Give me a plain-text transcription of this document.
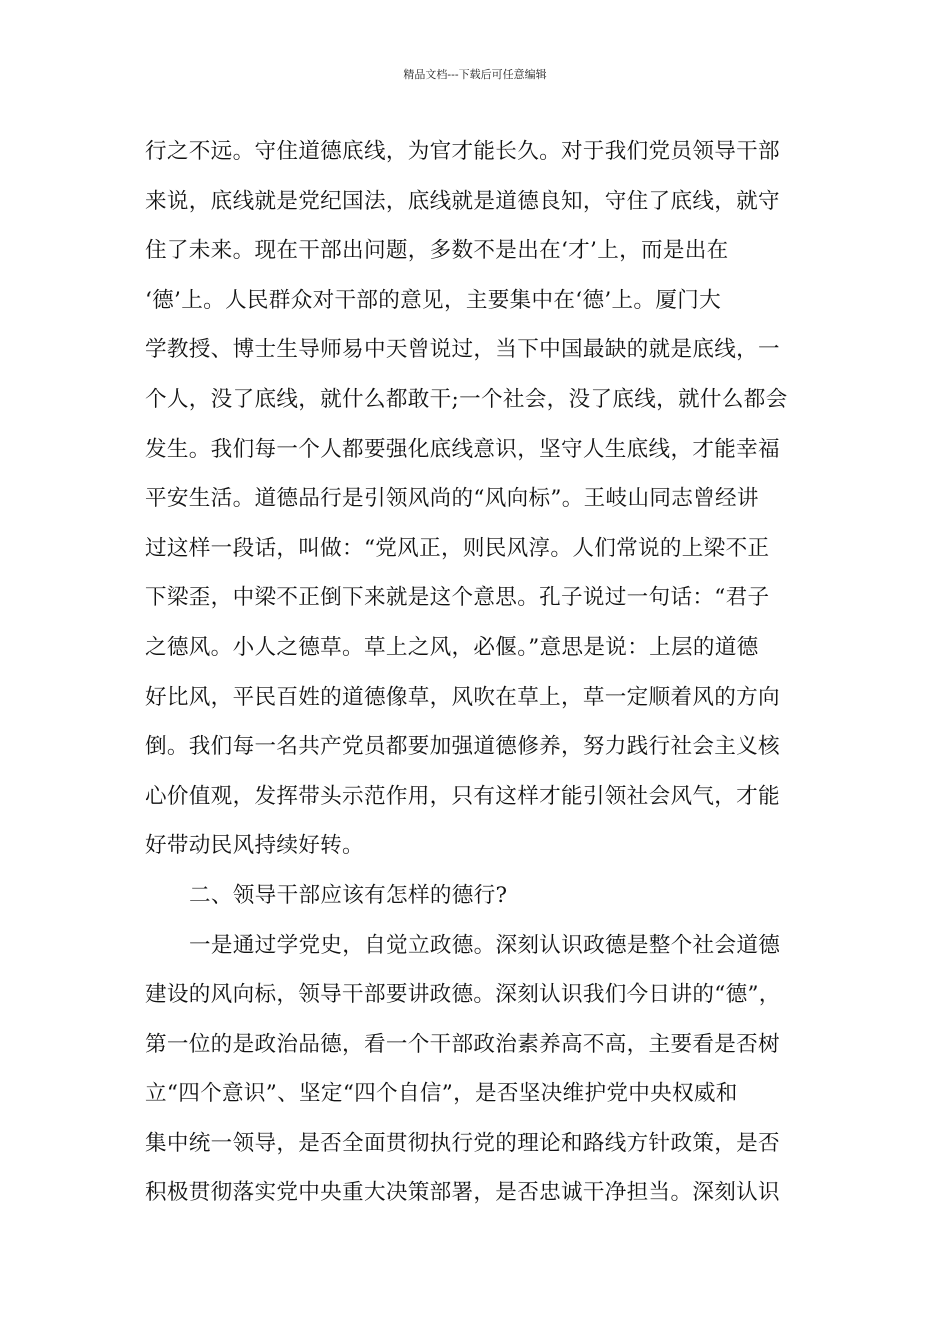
精品文档---下载后可任意编辑
行之不远。守住道德底线，为官才能长久。对于我们党员领导干部
来说，底线就是党纪国法，底线就是道德良知，守住了底线，就守
住了未来。现在干部出问题，多数不是出在‘才’上，而是出在
‘德’上。人民群众对干部的意见，主要集中在‘德’上。厦门大
学教授、博士生导师易中天曾说过，当下中国最缺的就是底线，一
个人，没了底线，就什么都敢干;一个社会，没了底线，就什么都会
发生。我们每一个人都要强化底线意识，坚守人生底线，才能幸福
平安生活。道德品行是引领风尚的“风向标”。王岐山同志曾经讲
过这样一段话，叫做：“党风正，则民风淳。人们常说的上梁不正
下梁歪，中梁不正倒下来就是这个意思。孔子说过一句话：“君子
之德风。小人之德草。草上之风，必偃。”意思是说：上层的道德
好比风，平民百姓的道德像草，风吹在草上，草一定顺着风的方向
倒。我们每一名共产党员都要加强道德修养，努力践行社会主义核
心价值观，发挥带头示范作用，只有这样才能引领社会风气，才能
好带动民风持续好转。
二、领导干部应该有怎样的德行?
一是通过学党史，自觉立政德。深刻认识政德是整个社会道德
建设的风向标，领导干部要讲政德。深刻认识我们今日讲的“德”，
第一位的是政治品德，看一个干部政治素养高不高，主要看是否树
立“四个意识”、坚定“四个自信”，是否坚决维护党中央权威和
集中统一领导，是否全面贯彻执行党的理论和路线方针政策，是否
积极贯彻落实党中央重大决策部署，是否忠诚干净担当。深刻认识
